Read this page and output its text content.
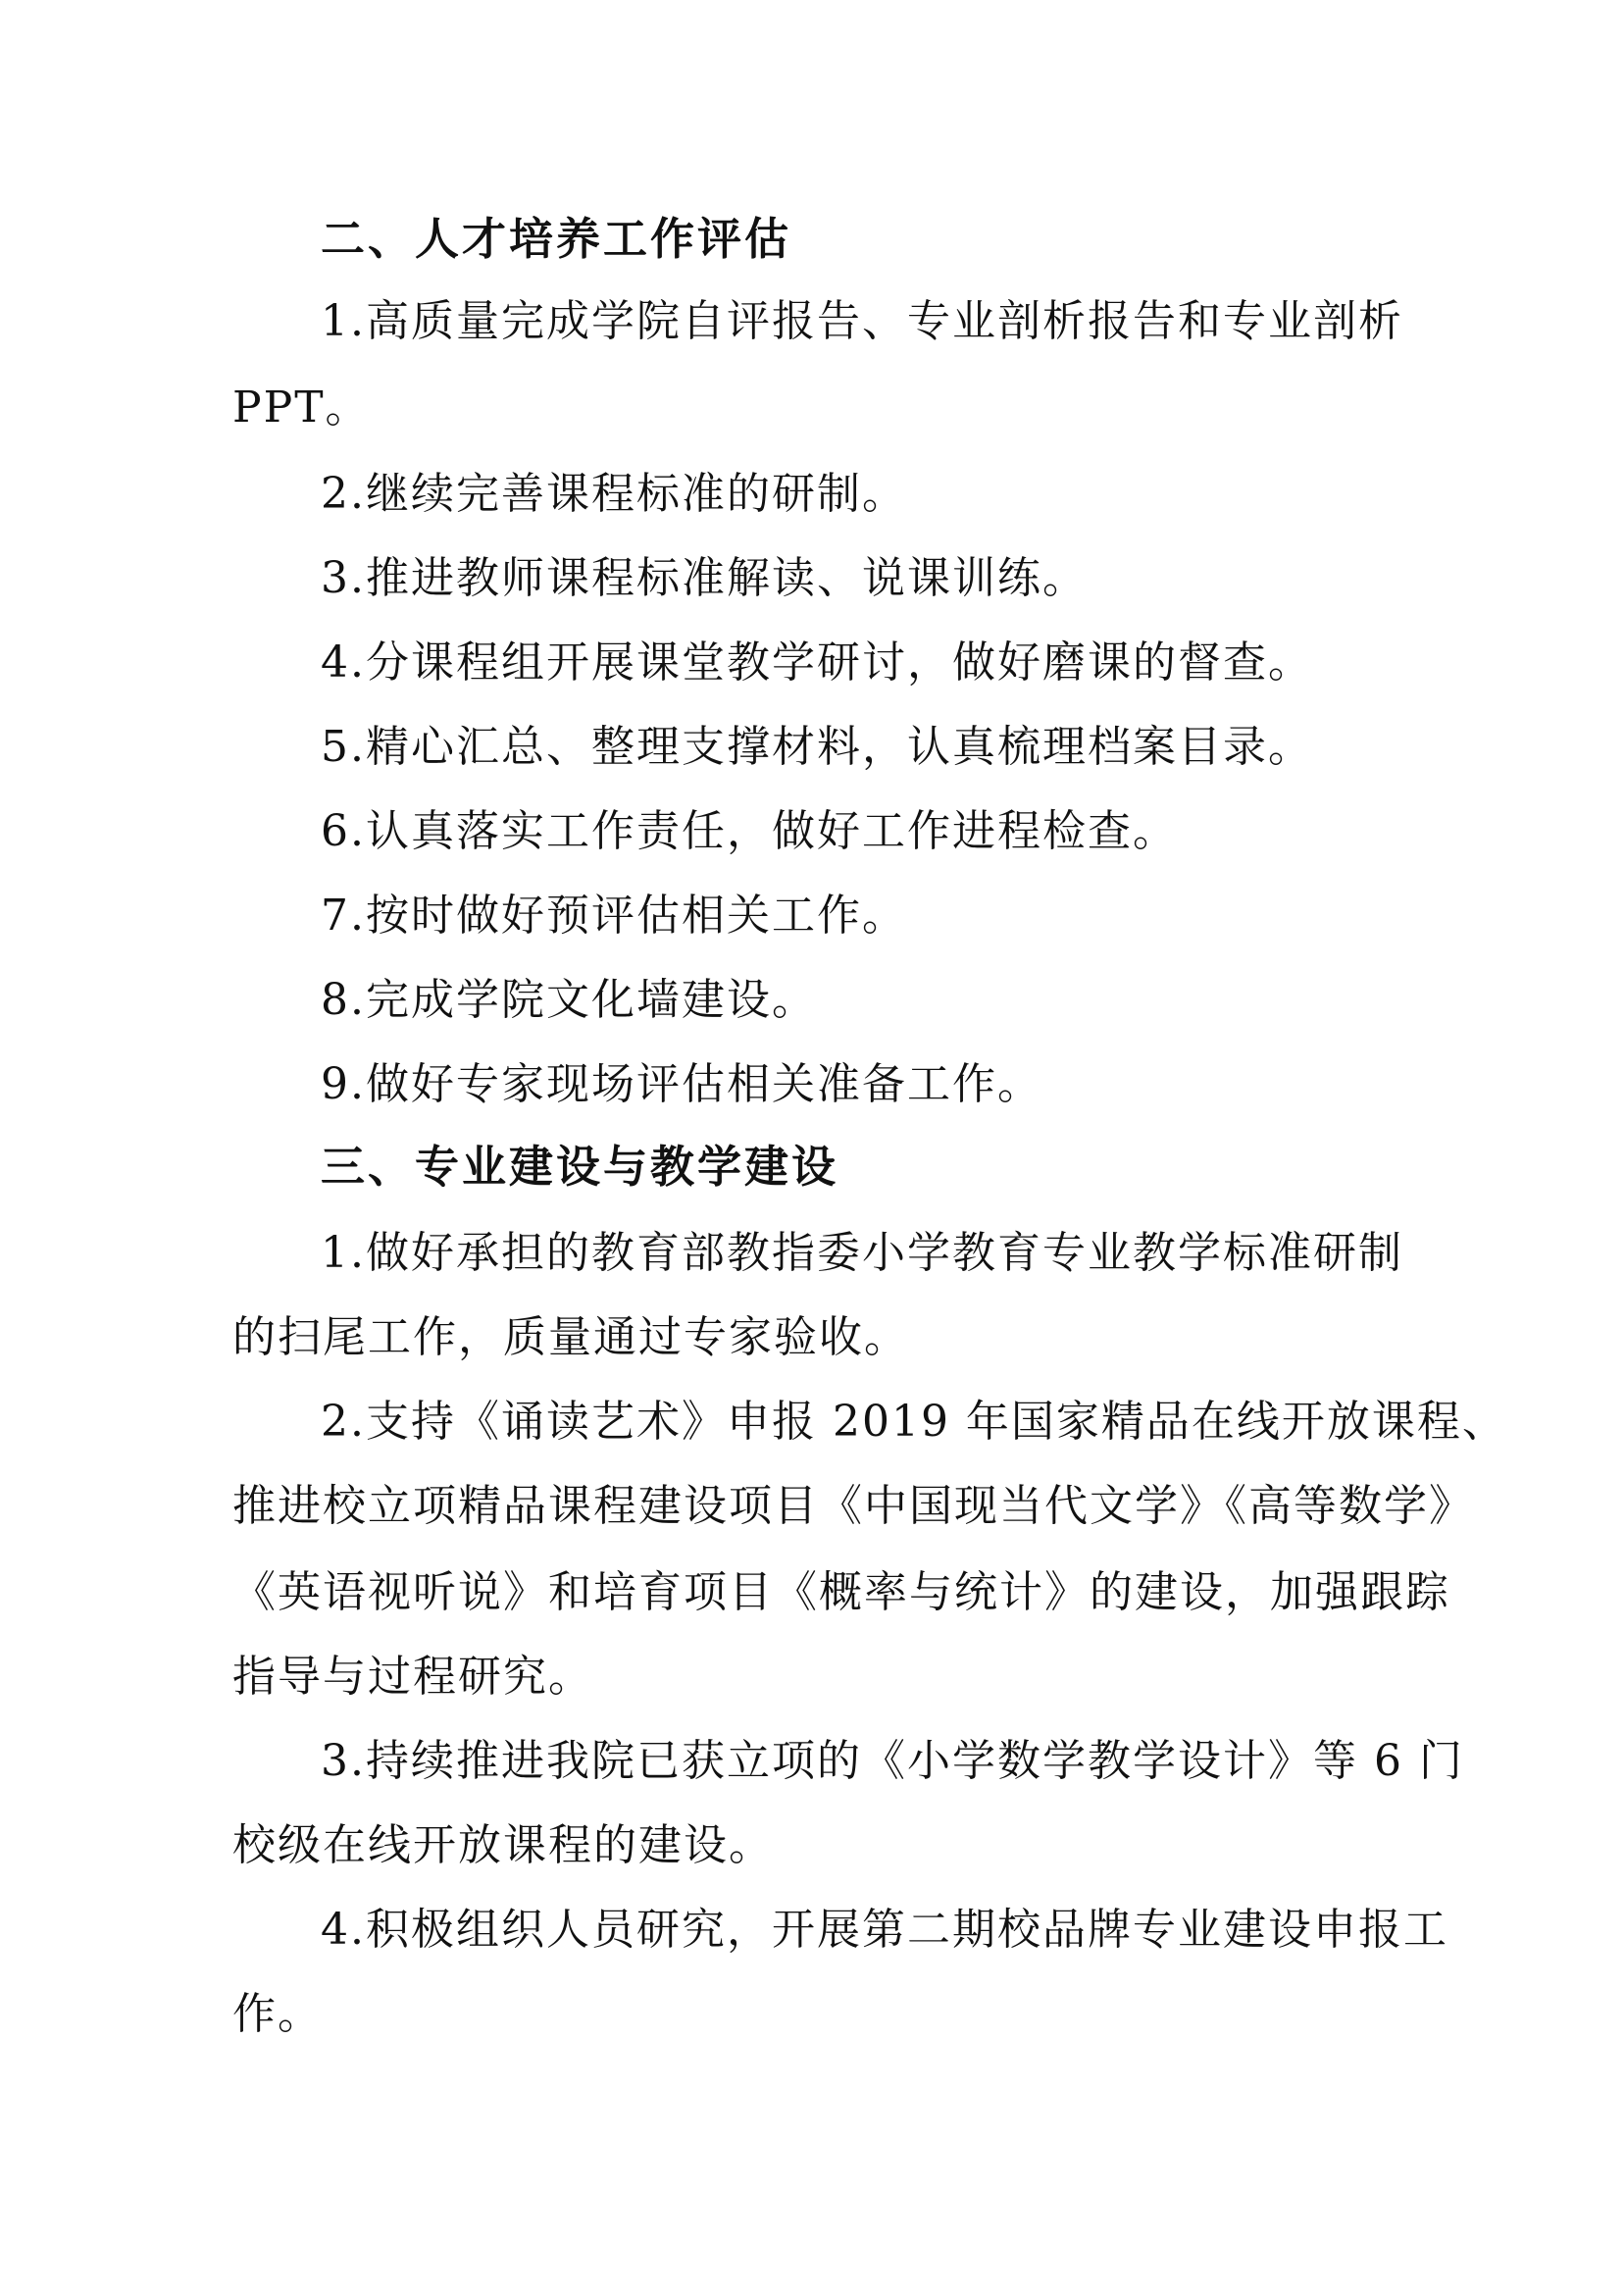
二、人才培养工作评估
1.高质量完成学院自评报告、专业剖析报告和专业剖析
PPT。
2.继续完善课程标准的研制。
3.推进教师课程标准解读、说课训练。
4.分课程组开展课堂教学研讨，做好磨课的督查。
5.精心汇总、整理支撑材料，认真梳理档案目录。
6.认真落实工作责任，做好工作进程检查。
7.按时做好预评估相关工作。
8.完成学院文化墙建设。
9.做好专家现场评估相关准备工作。
三、专业建设与教学建设
1.做好承担的教育部教指委小学教育专业教学标准研制
的扫尾工作，质量通过专家验收。
2.支持《诵读艺术》申报 2019 年国家精品在线开放课程、
推进校立项精品课程建设项目《中国现当代文学》《高等数学》
《英语视听说》和培育项目《概率与统计》的建设，加强跟踪
指导与过程研究。
3.持续推进我院已获立项的《小学数学教学设计》等 6 门
校级在线开放课程的建设。
4.积极组织人员研究，开展第二期校品牌专业建设申报工
作。
